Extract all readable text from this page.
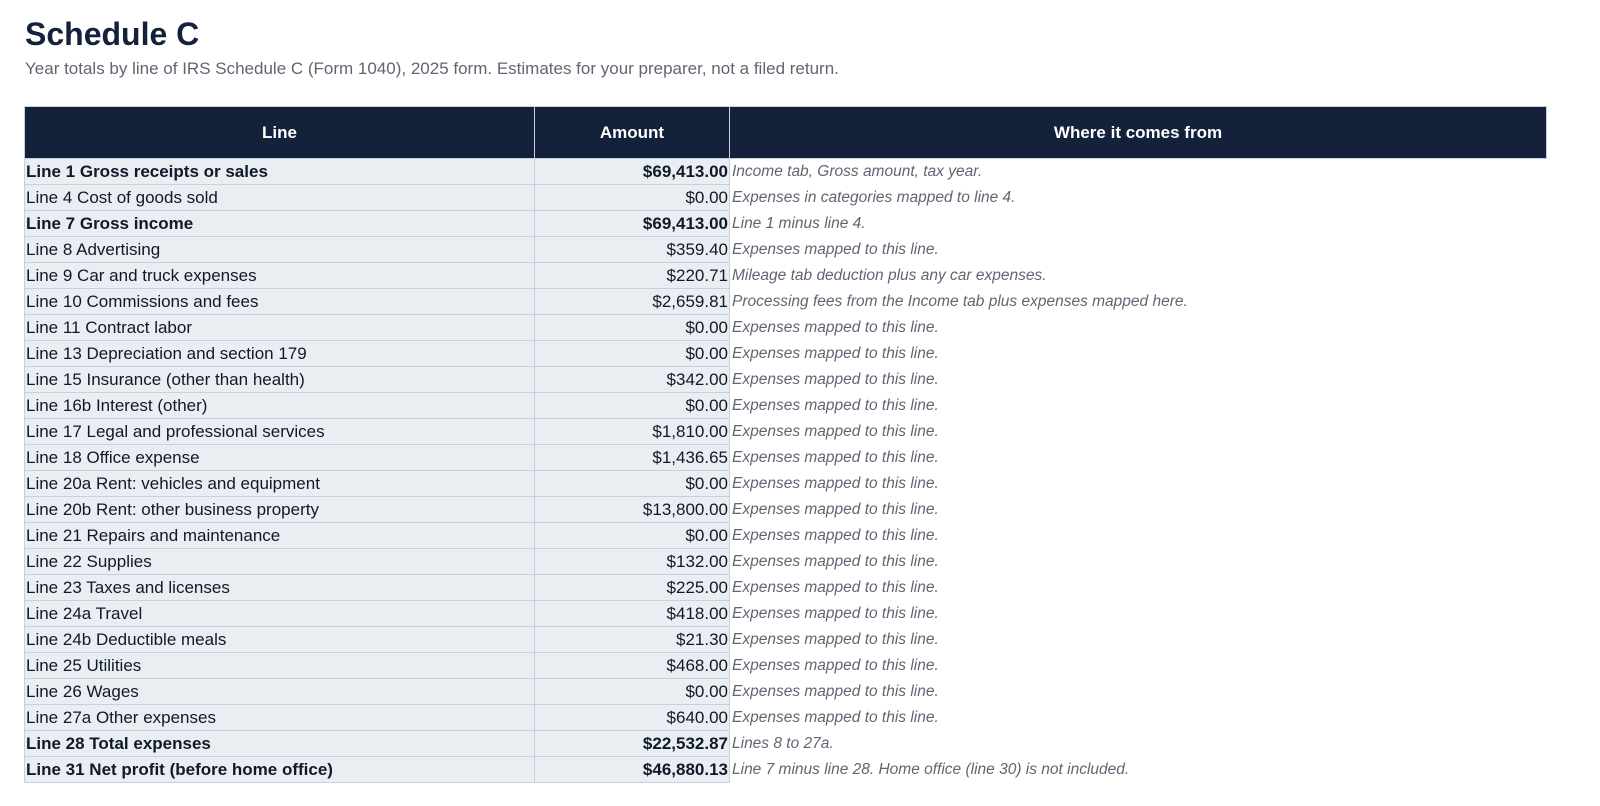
Schedule C

Year totals by line of IRS Schedule C (Form 1040), 2025 form. Estimates for your preparer, not a filed return.

Line	Amount	Where it comes from
Line 1 Gross receipts or sales	$69,413.00	Income tab, Gross amount, tax year.
Line 4 Cost of goods sold	$0.00	Expenses in categories mapped to line 4.
Line 7 Gross income	$69,413.00	Line 1 minus line 4.
Line 8 Advertising	$359.40	Expenses mapped to this line.
Line 9 Car and truck expenses	$220.71	Mileage tab deduction plus any car expenses.
Line 10 Commissions and fees	$2,659.81	Processing fees from the Income tab plus expenses mapped here.
Line 11 Contract labor	$0.00	Expenses mapped to this line.
Line 13 Depreciation and section 179	$0.00	Expenses mapped to this line.
Line 15 Insurance (other than health)	$342.00	Expenses mapped to this line.
Line 16b Interest (other)	$0.00	Expenses mapped to this line.
Line 17 Legal and professional services	$1,810.00	Expenses mapped to this line.
Line 18 Office expense	$1,436.65	Expenses mapped to this line.
Line 20a Rent: vehicles and equipment	$0.00	Expenses mapped to this line.
Line 20b Rent: other business property	$13,800.00	Expenses mapped to this line.
Line 21 Repairs and maintenance	$0.00	Expenses mapped to this line.
Line 22 Supplies	$132.00	Expenses mapped to this line.
Line 23 Taxes and licenses	$225.00	Expenses mapped to this line.
Line 24a Travel	$418.00	Expenses mapped to this line.
Line 24b Deductible meals	$21.30	Expenses mapped to this line.
Line 25 Utilities	$468.00	Expenses mapped to this line.
Line 26 Wages	$0.00	Expenses mapped to this line.
Line 27a Other expenses	$640.00	Expenses mapped to this line.
Line 28 Total expenses	$22,532.87	Lines 8 to 27a.
Line 31 Net profit (before home office)	$46,880.13	Line 7 minus line 28. Home office (line 30) is not included.
